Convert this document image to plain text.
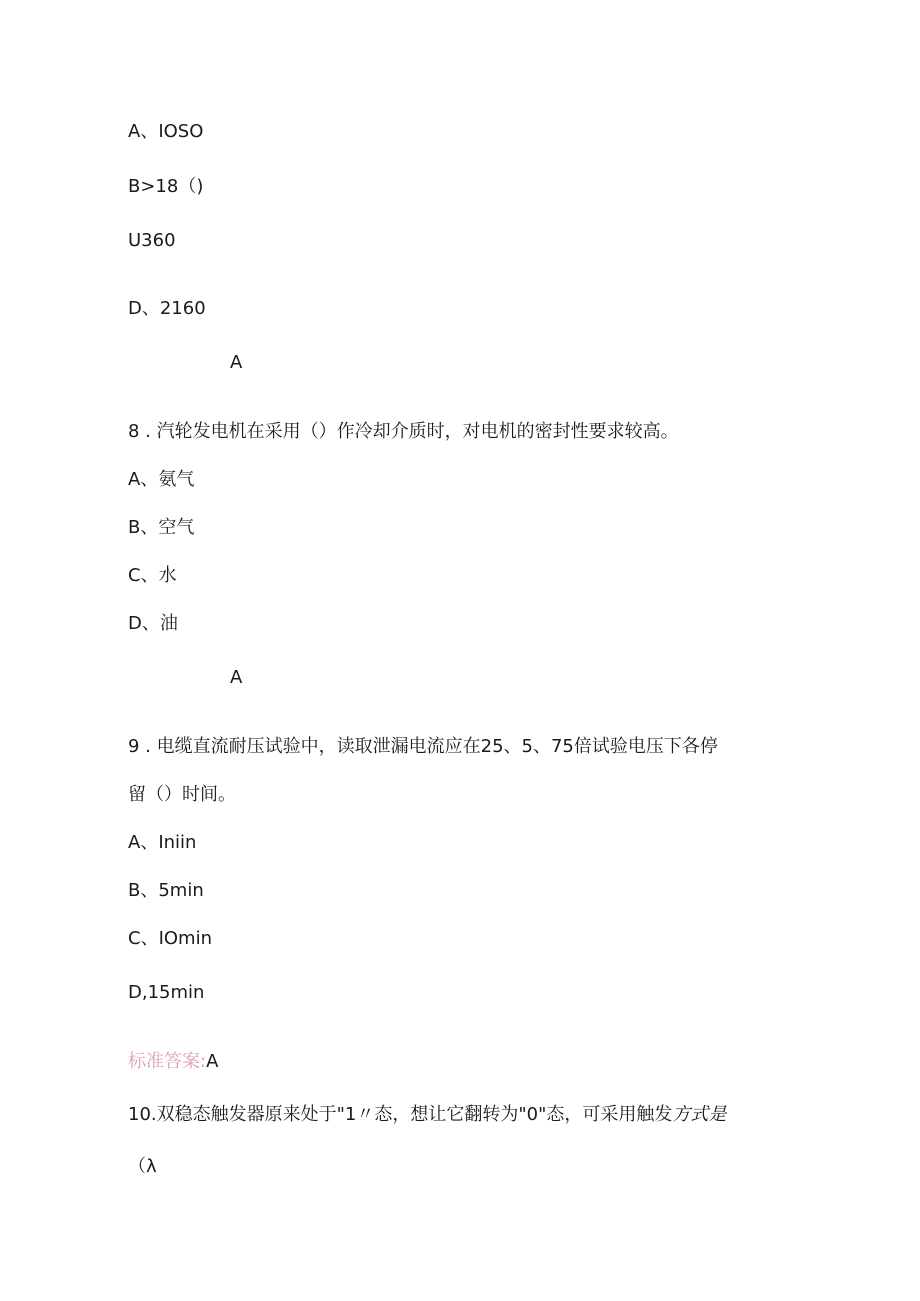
A、IOSO
B>18（)
U360
D、2160
A
8 . 汽轮发电机在采用（）作冷却介质时，对电机的密封性要求较高。
A、氨气
B、空气
C、水
D、油
A
9 . 电缆直流耐压试验中，读取泄漏电流应在25、5、75倍试验电压下各停
留（）时间。
A、Iniin
B、5min
C、IOmin
D,15min
标准答案:A
10.双稳态触发器原来处于"1〃态，想让它翻转为"0"态，可采用触发方式是
（λ
